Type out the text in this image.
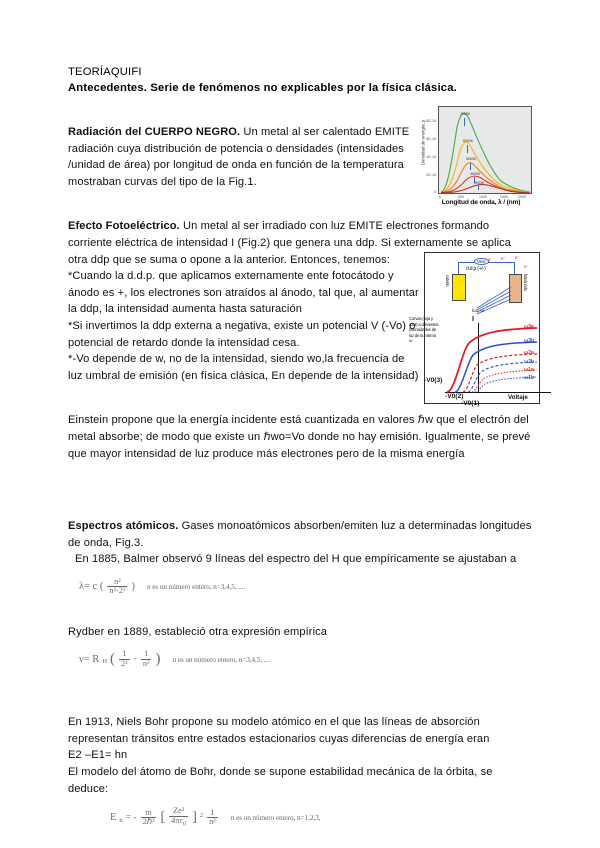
TEORÍAQUIFI
Antecedentes. Serie de fenómenos no explicables por la física clásica.
Radiación del CUERPO NEGRO. Un metal al ser calentado EMITE radiación cuya distribución de potencia o densidades (intensidades /unidad de área) por longitud de onda en función de la temperatura mostraban curvas del tipo de la Fig.1.
Efecto Fotoeléctrico. Un metal al ser irradiado con luz EMITE electrones formando corriente eléctrica de intensidad I (Fig.2) que genera una ddp. Si externamente se aplica
otra ddp que se suma o opone a la anterior. Entonces, tenemos:
*Cuando la d.d.p. que aplicamos externamente ente fotocátodo y ánodo es +, los electrones son atraídos al ánodo, tal que, al aumentar la ddp, la intensidad aumenta hasta saturación
*Si invertimos la ddp externa a negativa, existe un potencial V (-Vo) o potencial de retardo donde la intensidad cesa.
*-Vo depende de w, no de la intensidad, siendo wo,la frecuencia de luz umbral de emisión (en física clásica, En depende de la intensidad)
Einstein propone que la energía incidente está cuantizada en valores ℏw que el electrón del metal absorbe; de modo que existe un ℏwo=Vo donde no hay emisión. Igualmente, se prevé que mayor intensidad de luz produce más electrones pero de la misma energía
Espectros atómicos. Gases monoatómicos absorben/emiten luz a determinadas longitudes de onda, Fig.3.
En 1885, Balmer observó 9 líneas del espectro del H que empíricamente se ajustaban a
λ= c ( $\frac{\text{n²}}{\text{n²-2²}}$ ) n es un número entero, n=3,4,5, ....
Rydber en 1889, estableció otra expresión empírica
ν= R $_H$ ( $\frac{1}{\text{2²}} - \frac{1}{\text{n²}}$ ) n es un número entero, n=3,4,5, ....
En 1913, Niels Bohr propone su modelo atómico en el que las líneas de absorción representan tránsitos entre estados estacionarios cuyas diferencias de energía eran
E2 –E1= hn
El modelo del átomo de Bohr, donde se supone estabilidad mecánica de la órbita, se deduce:
E $_n$ = - $\frac{m}{\text{2ℏ²}}$ [ $\frac{\text{Ze²}}{4\pi\varepsilon_0}$ ] $^2 \frac{1}{\text{n²}}$ n es un número entero, n=1,2,3,
Densidad de energía, ρ 8E-15
6E-15
4E-15
2E-15
0
7000K
6000K
5000K
4000K
3000K
0	500	1000	1500	2000
Longitud de onda, λ / (nm)
Vext
d.d.p (+/-)
cátodo	fotoánodo
e⁻ e⁻ e⁻
e⁻
luz, ω
I
Voltaje
-V0(3)
-V0(2)
-V0(1)
ω3a
ω3b
ω2a
ω2b
ω1a
ω1b
Curvas (roja y azul) a diferentes intensidades de luz de la misma ω
